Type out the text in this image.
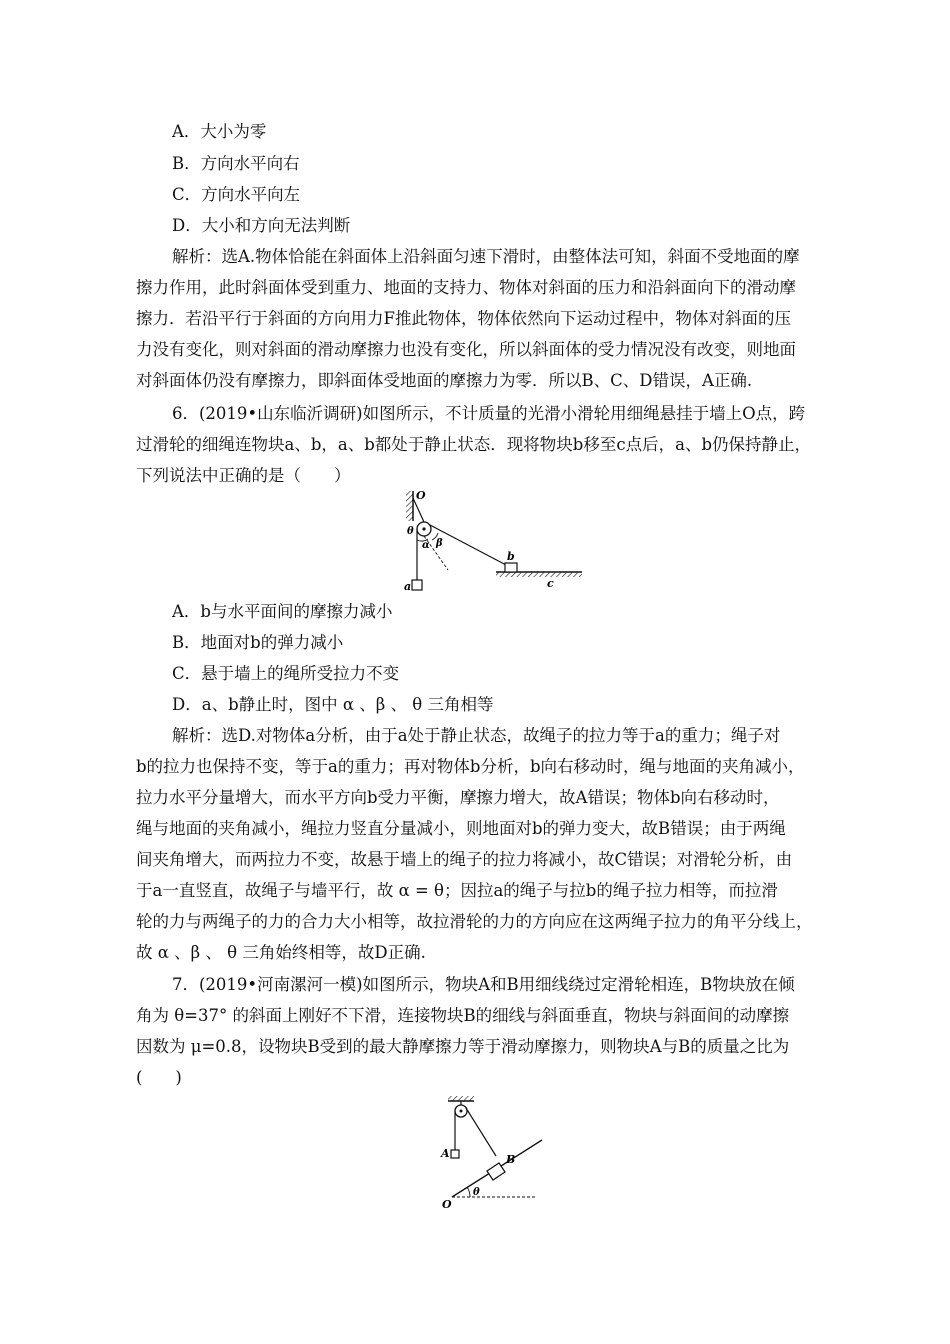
A．大小为零
B．方向水平向右
C．方向水平向左
D．大小和方向无法判断
解析：选A.物体恰能在斜面体上沿斜面匀速下滑时，由整体法可知，斜面不受地面的摩
擦力作用，此时斜面体受到重力、地面的支持力、物体对斜面的压力和沿斜面向下的滑动摩
擦力．若沿平行于斜面的方向用力F推此物体，物体依然向下运动过程中，物体对斜面的压
力没有变化，则对斜面的滑动摩擦力也没有变化，所以斜面体的受力情况没有改变，则地面
对斜面体仍没有摩擦力，即斜面体受地面的摩擦力为零．所以B、C、D错误，A正确.
6．(2019•山东临沂调研)如图所示，不计质量的光滑小滑轮用细绳悬挂于墙上O点，跨
过滑轮的细绳连物块a、b，a、b都处于静止状态．现将物块b移至c点后，a、b仍保持静止，
下列说法中正确的是（　　）
O
θ
α β
a
b
c
A．b与水平面间的摩擦力减小
B．地面对b的弹力减小
C．悬于墙上的绳所受拉力不变
D．a、b静止时，图中 α 、β 、 θ 三角相等
解析：选D.对物体a分析，由于a处于静止状态，故绳子的拉力等于a的重力；绳子对
b的拉力也保持不变，等于a的重力；再对物体b分析，b向右移动时，绳与地面的夹角减小，
拉力水平分量增大，而水平方向b受力平衡，摩擦力增大，故A错误；物体b向右移动时，
绳与地面的夹角减小，绳拉力竖直分量减小，则地面对b的弹力变大，故B错误；由于两绳
间夹角增大，而两拉力不变，故悬于墙上的绳子的拉力将减小，故C错误；对滑轮分析，由
于a一直竖直，故绳子与墙平行，故 α = θ；因拉a的绳子与拉b的绳子拉力相等，而拉滑
轮的力与两绳子的力的合力大小相等，故拉滑轮的力的方向应在这两绳子拉力的角平分线上，
故 α 、β 、 θ 三角始终相等，故D正确.
7．(2019•河南漯河一模)如图所示，物块A和B用细线绕过定滑轮相连，B物块放在倾
角为 θ=37° 的斜面上刚好不下滑，连接物块B的细线与斜面垂直，物块与斜面间的动摩擦
因数为 μ=0.8，设物块B受到的最大静摩擦力等于滑动摩擦力，则物块A与B的质量之比为
(　　)
A	B
O
θ
